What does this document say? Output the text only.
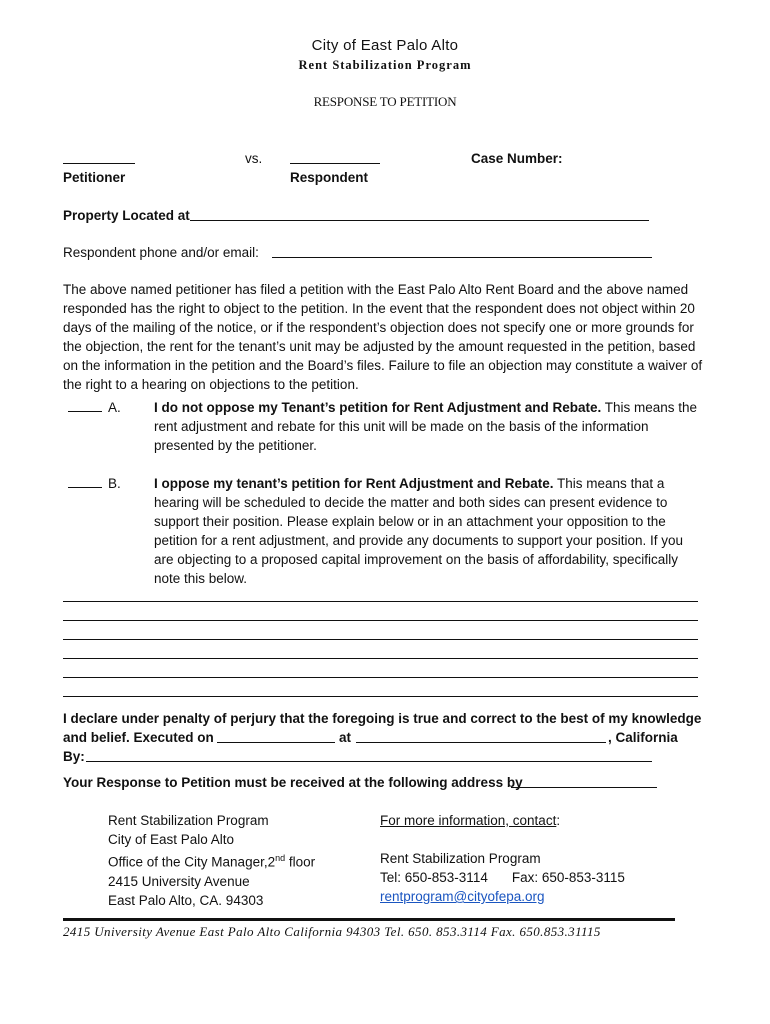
City of East Palo Alto
Rent Stabilization Program
RESPONSE TO PETITION
vs.	Case Number:
Petitioner	Respondent
Property Located at
Respondent phone and/or email:
The above named petitioner has filed a petition with the East Palo Alto Rent Board and the above named responded has the right to object to the petition. In the event that the respondent does not object within 20 days of the mailing of the notice, or if the respondent’s objection does not specify one or more grounds for the objection, the rent for the tenant’s unit may be adjusted by the amount requested in the petition, based on the information in the petition and the Board’s files. Failure to file an objection may constitute a waiver of the right to a hearing on objections to the petition.
A. I do not oppose my Tenant’s petition for Rent Adjustment and Rebate. This means the rent adjustment and rebate for this unit will be made on the basis of the information presented by the petitioner.
B. I oppose my tenant’s petition for Rent Adjustment and Rebate. This means that a hearing will be scheduled to decide the matter and both sides can present evidence to support their position. Please explain below or in an attachment your opposition to the petition for a rent adjustment, and provide any documents to support your position. If you are objecting to a proposed capital improvement on the basis of affordability, specifically note this below.
I declare under penalty of perjury that the foregoing is true and correct to the best of my knowledge
and belief. Executed on	at	, California
By:
Your Response to Petition must be received at the following address by
Rent Stabilization Program
City of East Palo Alto
Office of the City Manager,2nd floor
2415 University Avenue
East Palo Alto, CA. 94303
For more information, contact:
Rent Stabilization Program
Tel: 650-853-3114 Fax: 650-853-3115
rentprogram@cityofepa.org
2415 University Avenue East Palo Alto California 94303 Tel. 650. 853.3114 Fax. 650.853.31115
